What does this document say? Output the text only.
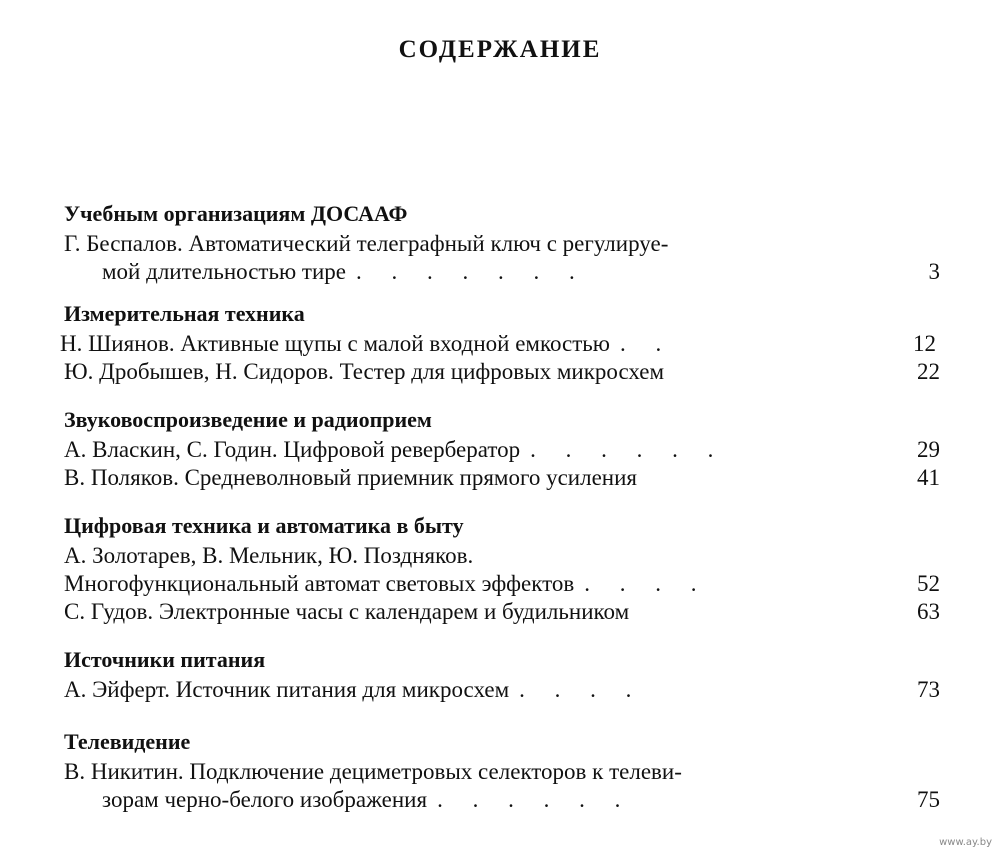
СОДЕРЖАНИЕ
Учебным организациям ДОСААФ
Г. Беспалов. Автоматический телеграфный ключ с регулируе-
мой длительностью тире . . . . . . .	3
Измерительная техника
Н. Шиянов. Активные щупы с малой входной емкостью . .	12
Ю. Дробышев, Н. Сидоров. Тестер для цифровых микросхем	22
Звуковоспроизведение и радиоприем
А. Власкин, С. Годин. Цифровой ревербератор . . . . . .	29
В. Поляков. Средневолновый приемник прямого усиления	41
Цифровая техника и автоматика в быту
А. Золотарев, В. Мельник, Ю. Поздняков.
Многофункциональный автомат световых эффектов . . . .	52
С. Гудов. Электронные часы с календарем и будильником	63
Источники питания
А. Эйферт. Источник питания для микросхем . . . .	73
Телевидение
В. Никитин. Подключение дециметровых селекторов к телеви-
зорам черно-белого изображения . . . . . .	75
www.ay.by
